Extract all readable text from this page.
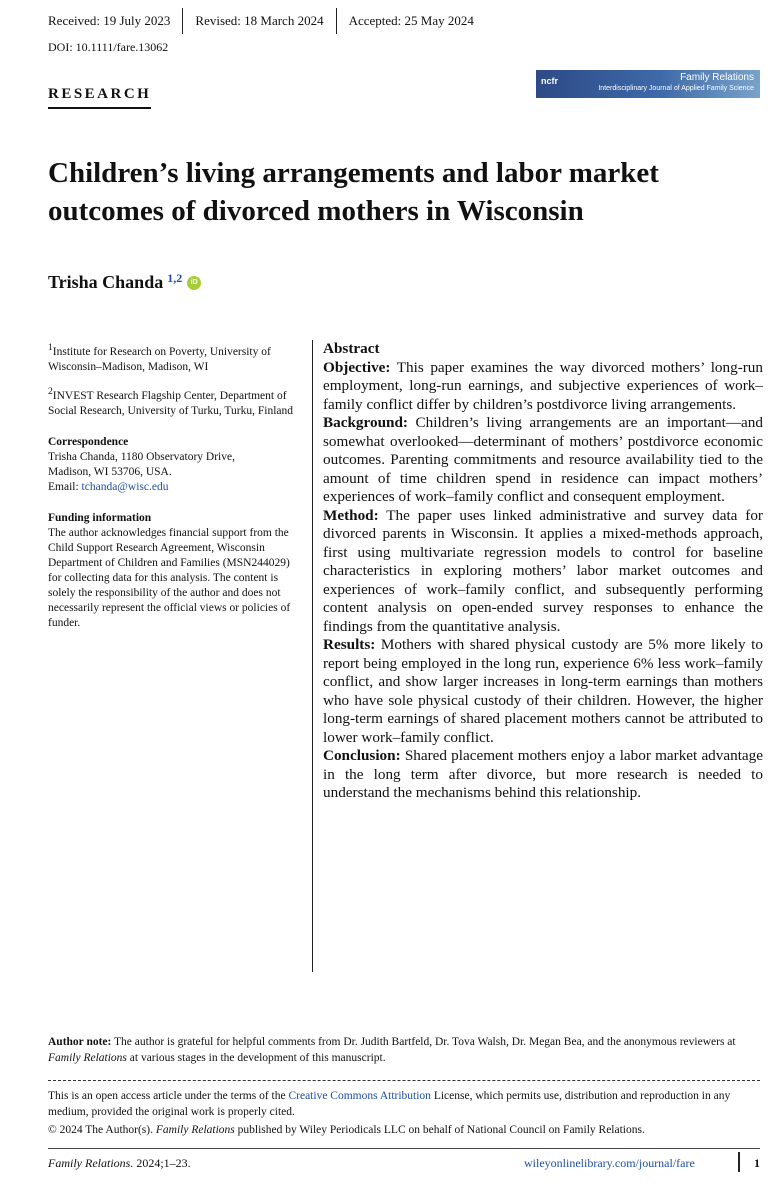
Received: 19 July 2023	Revised: 18 March 2024	Accepted: 25 May 2024
DOI: 10.1111/fare.13062
RESEARCH
ncfr	Family Relations
Interdisciplinary Journal of Applied Family Science
Children’s living arrangements and labor market outcomes of divorced mothers in Wisconsin
Trisha Chanda $^{1,2}$	iD

$^1$Institute for Research on Poverty, University of Wisconsin–Madison, Madison, WI

$^2$INVEST Research Flagship Center, Department of Social Research, University of Turku, Turku, Finland

Correspondence
Trisha Chanda, 1180 Observatory Drive,
Madison, WI 53706, USA.
Email: tchanda@wisc.edu

Funding information
The author acknowledges financial support from the Child Support Research Agreement, Wisconsin Department of Children and Families (MSN244029) for collecting data for this analysis. The content is solely the responsibility of the author and does not necessarily represent the official views or policies of funder.

Abstract

Objective: This paper examines the way divorced mothers’ long-run employment, long-run earnings, and subjective experiences of work–family conflict differ by children’s postdivorce living arrangements.

Background: Children’s living arrangements are an important—and somewhat overlooked—determinant of mothers’ postdivorce economic outcomes. Parenting commitments and resource availability tied to the amount of time children spend in residence can impact mothers’ experiences of work–family conflict and consequent employment.

Method: The paper uses linked administrative and survey data for divorced parents in Wisconsin. It applies a mixed-methods approach, first using multivariate regression models to control for baseline characteristics in exploring mothers’ labor market outcomes and experiences of work–family conflict, and subsequently performing content analysis on open-ended survey responses to enhance the findings from the quantitative analysis.

Results: Mothers with shared physical custody are 5% more likely to report being employed in the long run, experience 6% less work–family conflict, and show larger increases in long-term earnings than mothers who have sole physical custody of their children. However, the higher long-term earnings of shared placement mothers cannot be attributed to lower work–family conflict.

Conclusion: Shared placement mothers enjoy a labor market advantage in the long term after divorce, but more research is needed to understand the mechanisms behind this relationship.

Author note: The author is grateful for helpful comments from Dr. Judith Bartfeld, Dr. Tova Walsh, Dr. Megan Bea, and the anonymous reviewers at Family Relations at various stages in the development of this manuscript.

This is an open access article under the terms of the Creative Commons Attribution License, which permits use, distribution and reproduction in any medium, provided the original work is properly cited.

© 2024 The Author(s). Family Relations published by Wiley Periodicals LLC on behalf of National Council on Family Relations.

Family Relations. 2024;1–23.	wileyonlinelibrary.com/journal/fare	1
